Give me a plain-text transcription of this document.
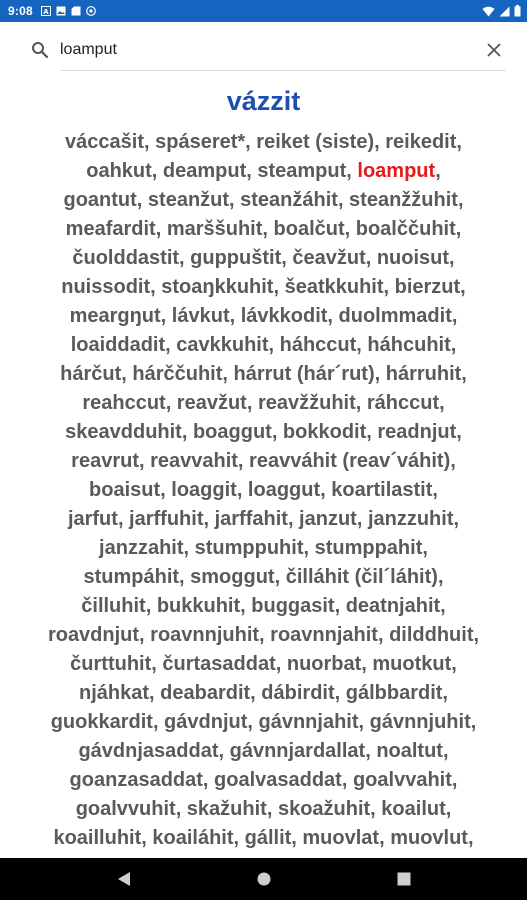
9:08 A
loamput
vázzit
váccašit, spáseret*, reiket (siste), reikedit,
oahkut, deamput, steamput, loamput,
goantut, steanžut, steanžáhit, steanžžuhit,
meafardit, marššuhit, boalčut, boalččuhit,
čuolddastit, guppuštit, čeavžut, nuoisut,
nuissodit, stoaŋkkuhit, šeatkkuhit, bierzut,
meargŋut, lávkut, lávkkodit, duolmmadit,
loaiddadit, cavkkuhit, háhccut, háhcuhit,
hárčut, hárččuhit, hárrut (hár´rut), hárruhit,
reahccut, reavžut, reavžžuhit, ráhccut,
skeavdduhit, boaggut, bokkodit, readnjut,
reavrut, reavvahit, reavváhit (reav´váhit),
boaisut, loaggit, loaggut, koartilastit,
jarfut, jarffuhit, jarffahit, janzut, janzzuhit,
janzzahit, stumppuhit, stumppahit,
stumpáhit, smoggut, čilláhit (čil´láhit),
čilluhit, bukkuhit, buggasit, deatnjahit,
roavdnjut, roavnnjuhit, roavnnjahit, dilddhuit,
čurttuhit, čurtasaddat, nuorbat, muotkut,
njáhkat, deabardit, dábirdit, gálbbardit,
guokkardit, gávdnjut, gávnnjahit, gávnnjuhit,
gávdnjasaddat, gávnnjardallat, noaltut,
goanzasaddat, goalvasaddat, goalvvahit,
goalvvuhit, skažuhit, skoažuhit, koailut,
koailluhit, koailáhit, gállit, muovlat, muovlut,
